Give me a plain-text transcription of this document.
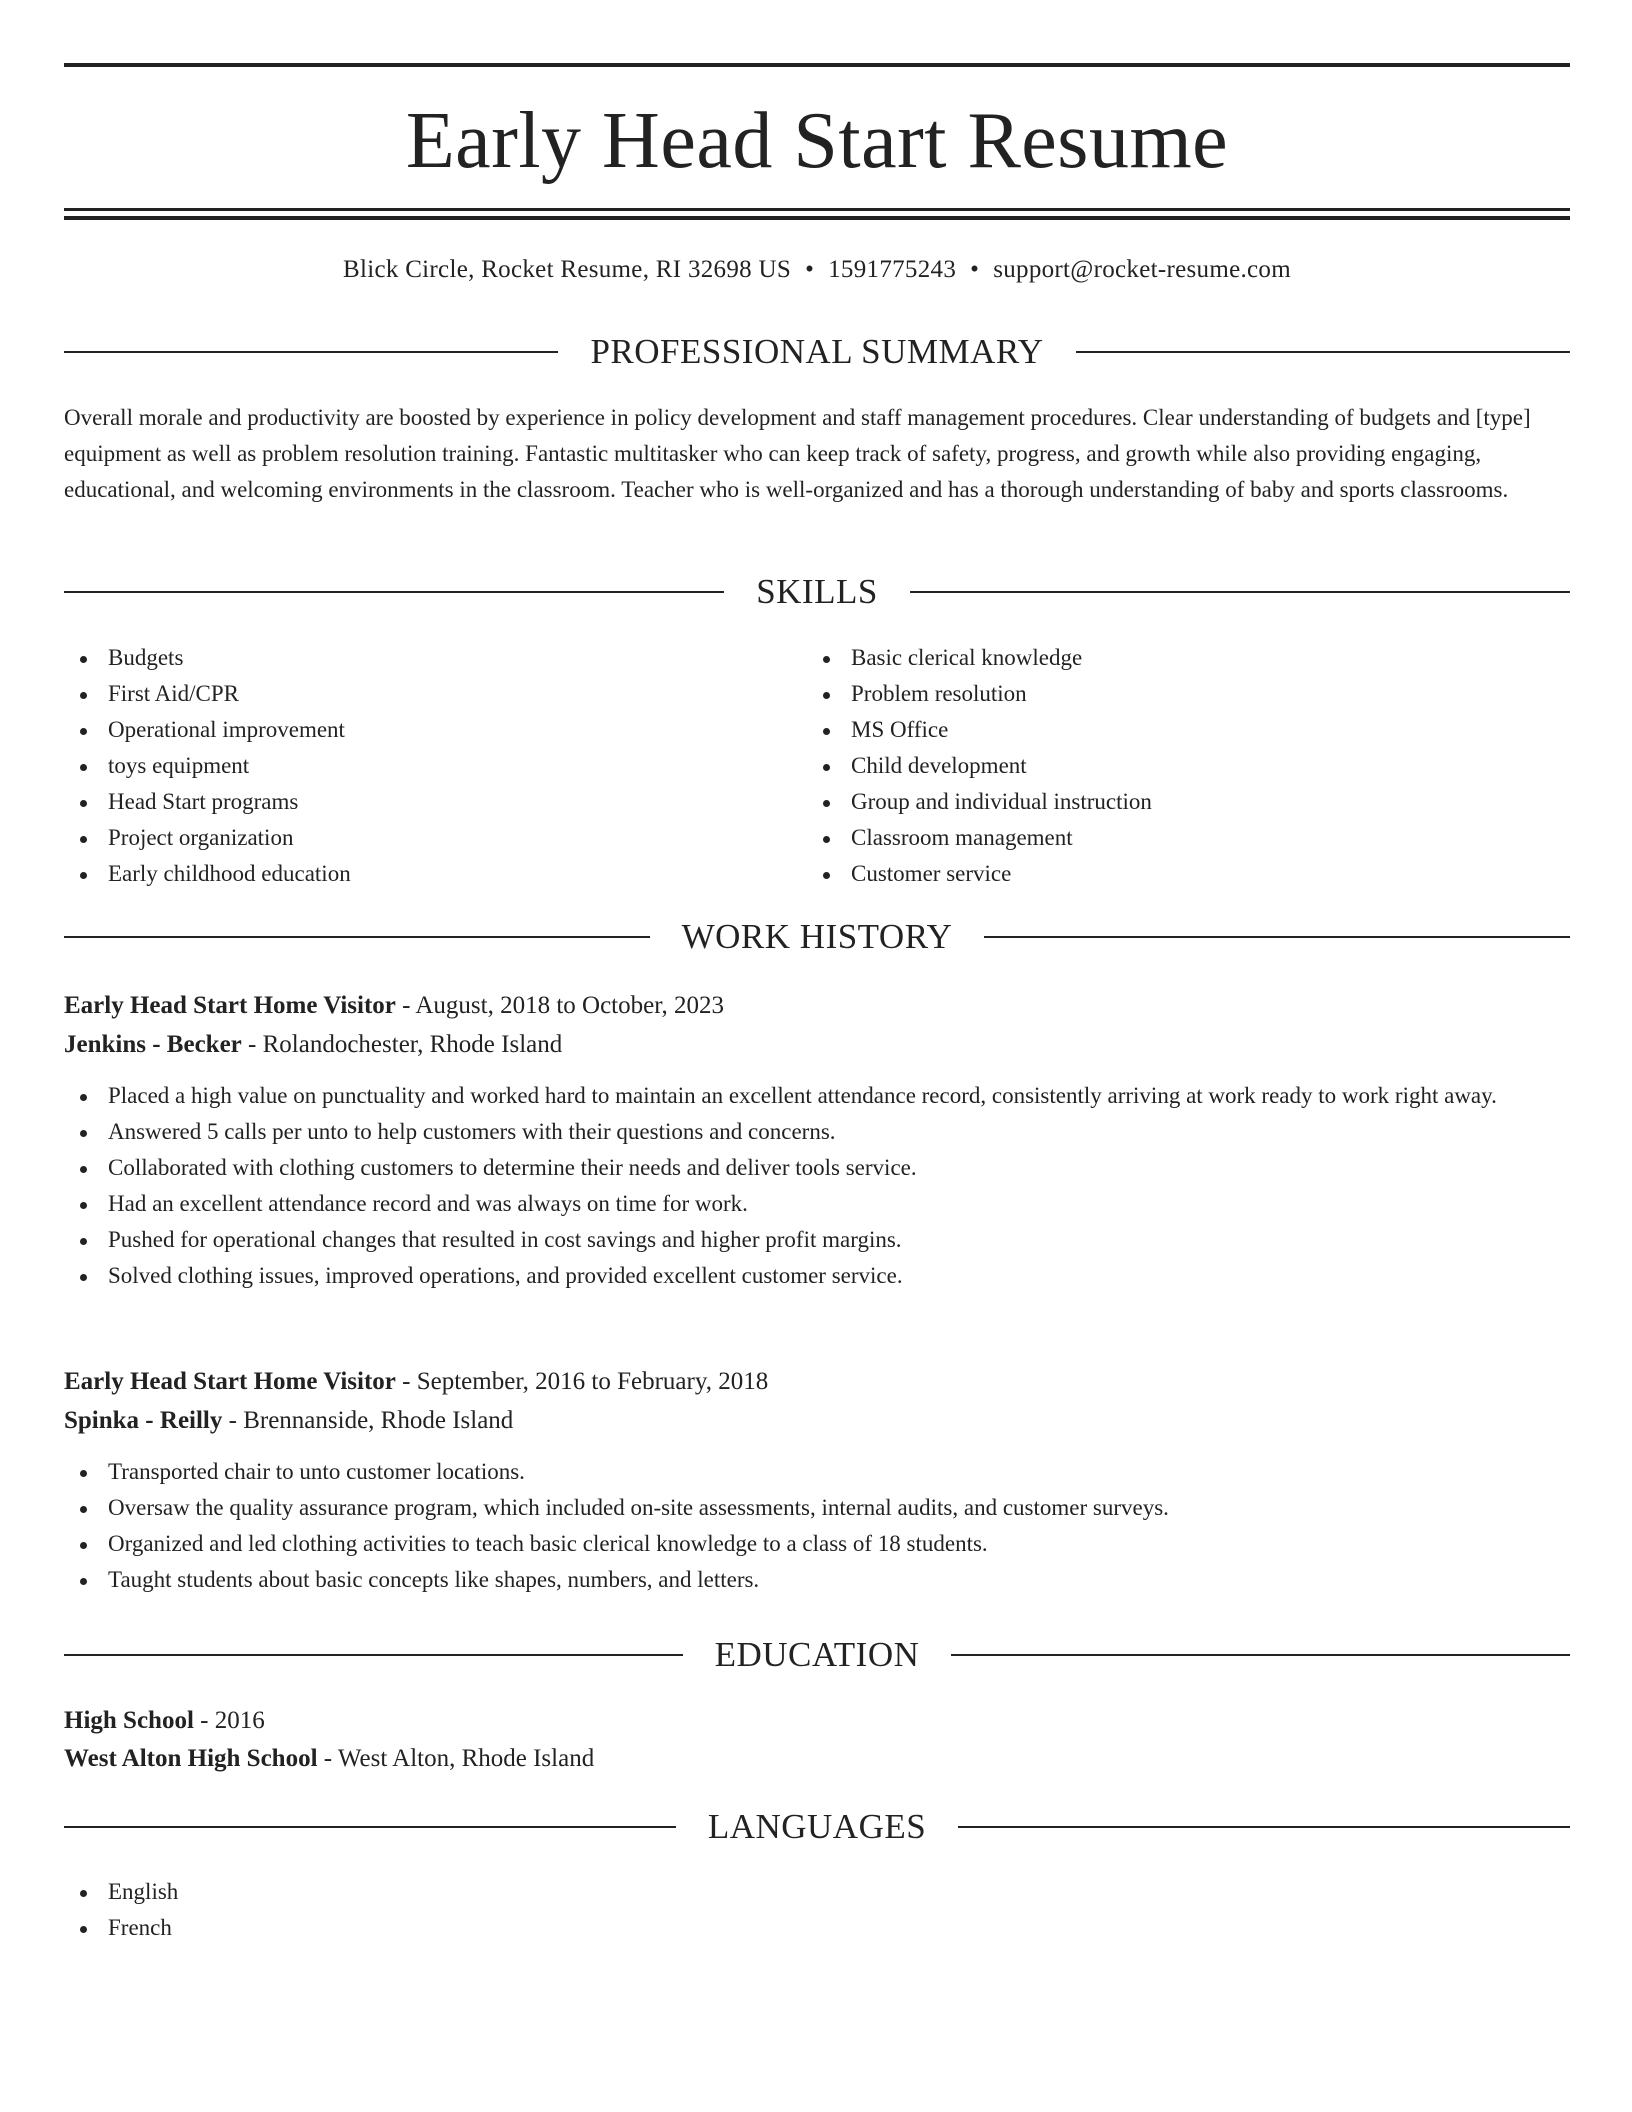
Early Head Start Resume
Blick Circle, Rocket Resume, RI 32698 US • 1591775243 • support@rocket-resume.com
PROFESSIONAL SUMMARY

Overall morale and productivity are boosted by experience in policy development and staff management procedures. Clear understanding of budgets and [type] equipment as well as problem resolution training. Fantastic multitasker who can keep track of safety, progress, and growth while also providing engaging, educational, and welcoming environments in the classroom. Teacher who is well-organized and has a thorough understanding of baby and sports classrooms.

SKILLS
Budgets
First Aid/CPR
Operational improvement
toys equipment
Head Start programs
Project organization
Early childhood education
Basic clerical knowledge
Problem resolution
MS Office
Child development
Group and individual instruction
Classroom management
Customer service
WORK HISTORY
Early Head Start Home Visitor - August, 2018 to October, 2023
Jenkins - Becker - Rolandochester, Rhode Island
Placed a high value on punctuality and worked hard to maintain an excellent attendance record, consistently arriving at work ready to work right away.
Answered 5 calls per unto to help customers with their questions and concerns.
Collaborated with clothing customers to determine their needs and deliver tools service.
Had an excellent attendance record and was always on time for work.
Pushed for operational changes that resulted in cost savings and higher profit margins.
Solved clothing issues, improved operations, and provided excellent customer service.
Early Head Start Home Visitor - September, 2016 to February, 2018
Spinka - Reilly - Brennanside, Rhode Island
Transported chair to unto customer locations.
Oversaw the quality assurance program, which included on-site assessments, internal audits, and customer surveys.
Organized and led clothing activities to teach basic clerical knowledge to a class of 18 students.
Taught students about basic concepts like shapes, numbers, and letters.
EDUCATION
High School - 2016
West Alton High School - West Alton, Rhode Island
LANGUAGES
English
French
